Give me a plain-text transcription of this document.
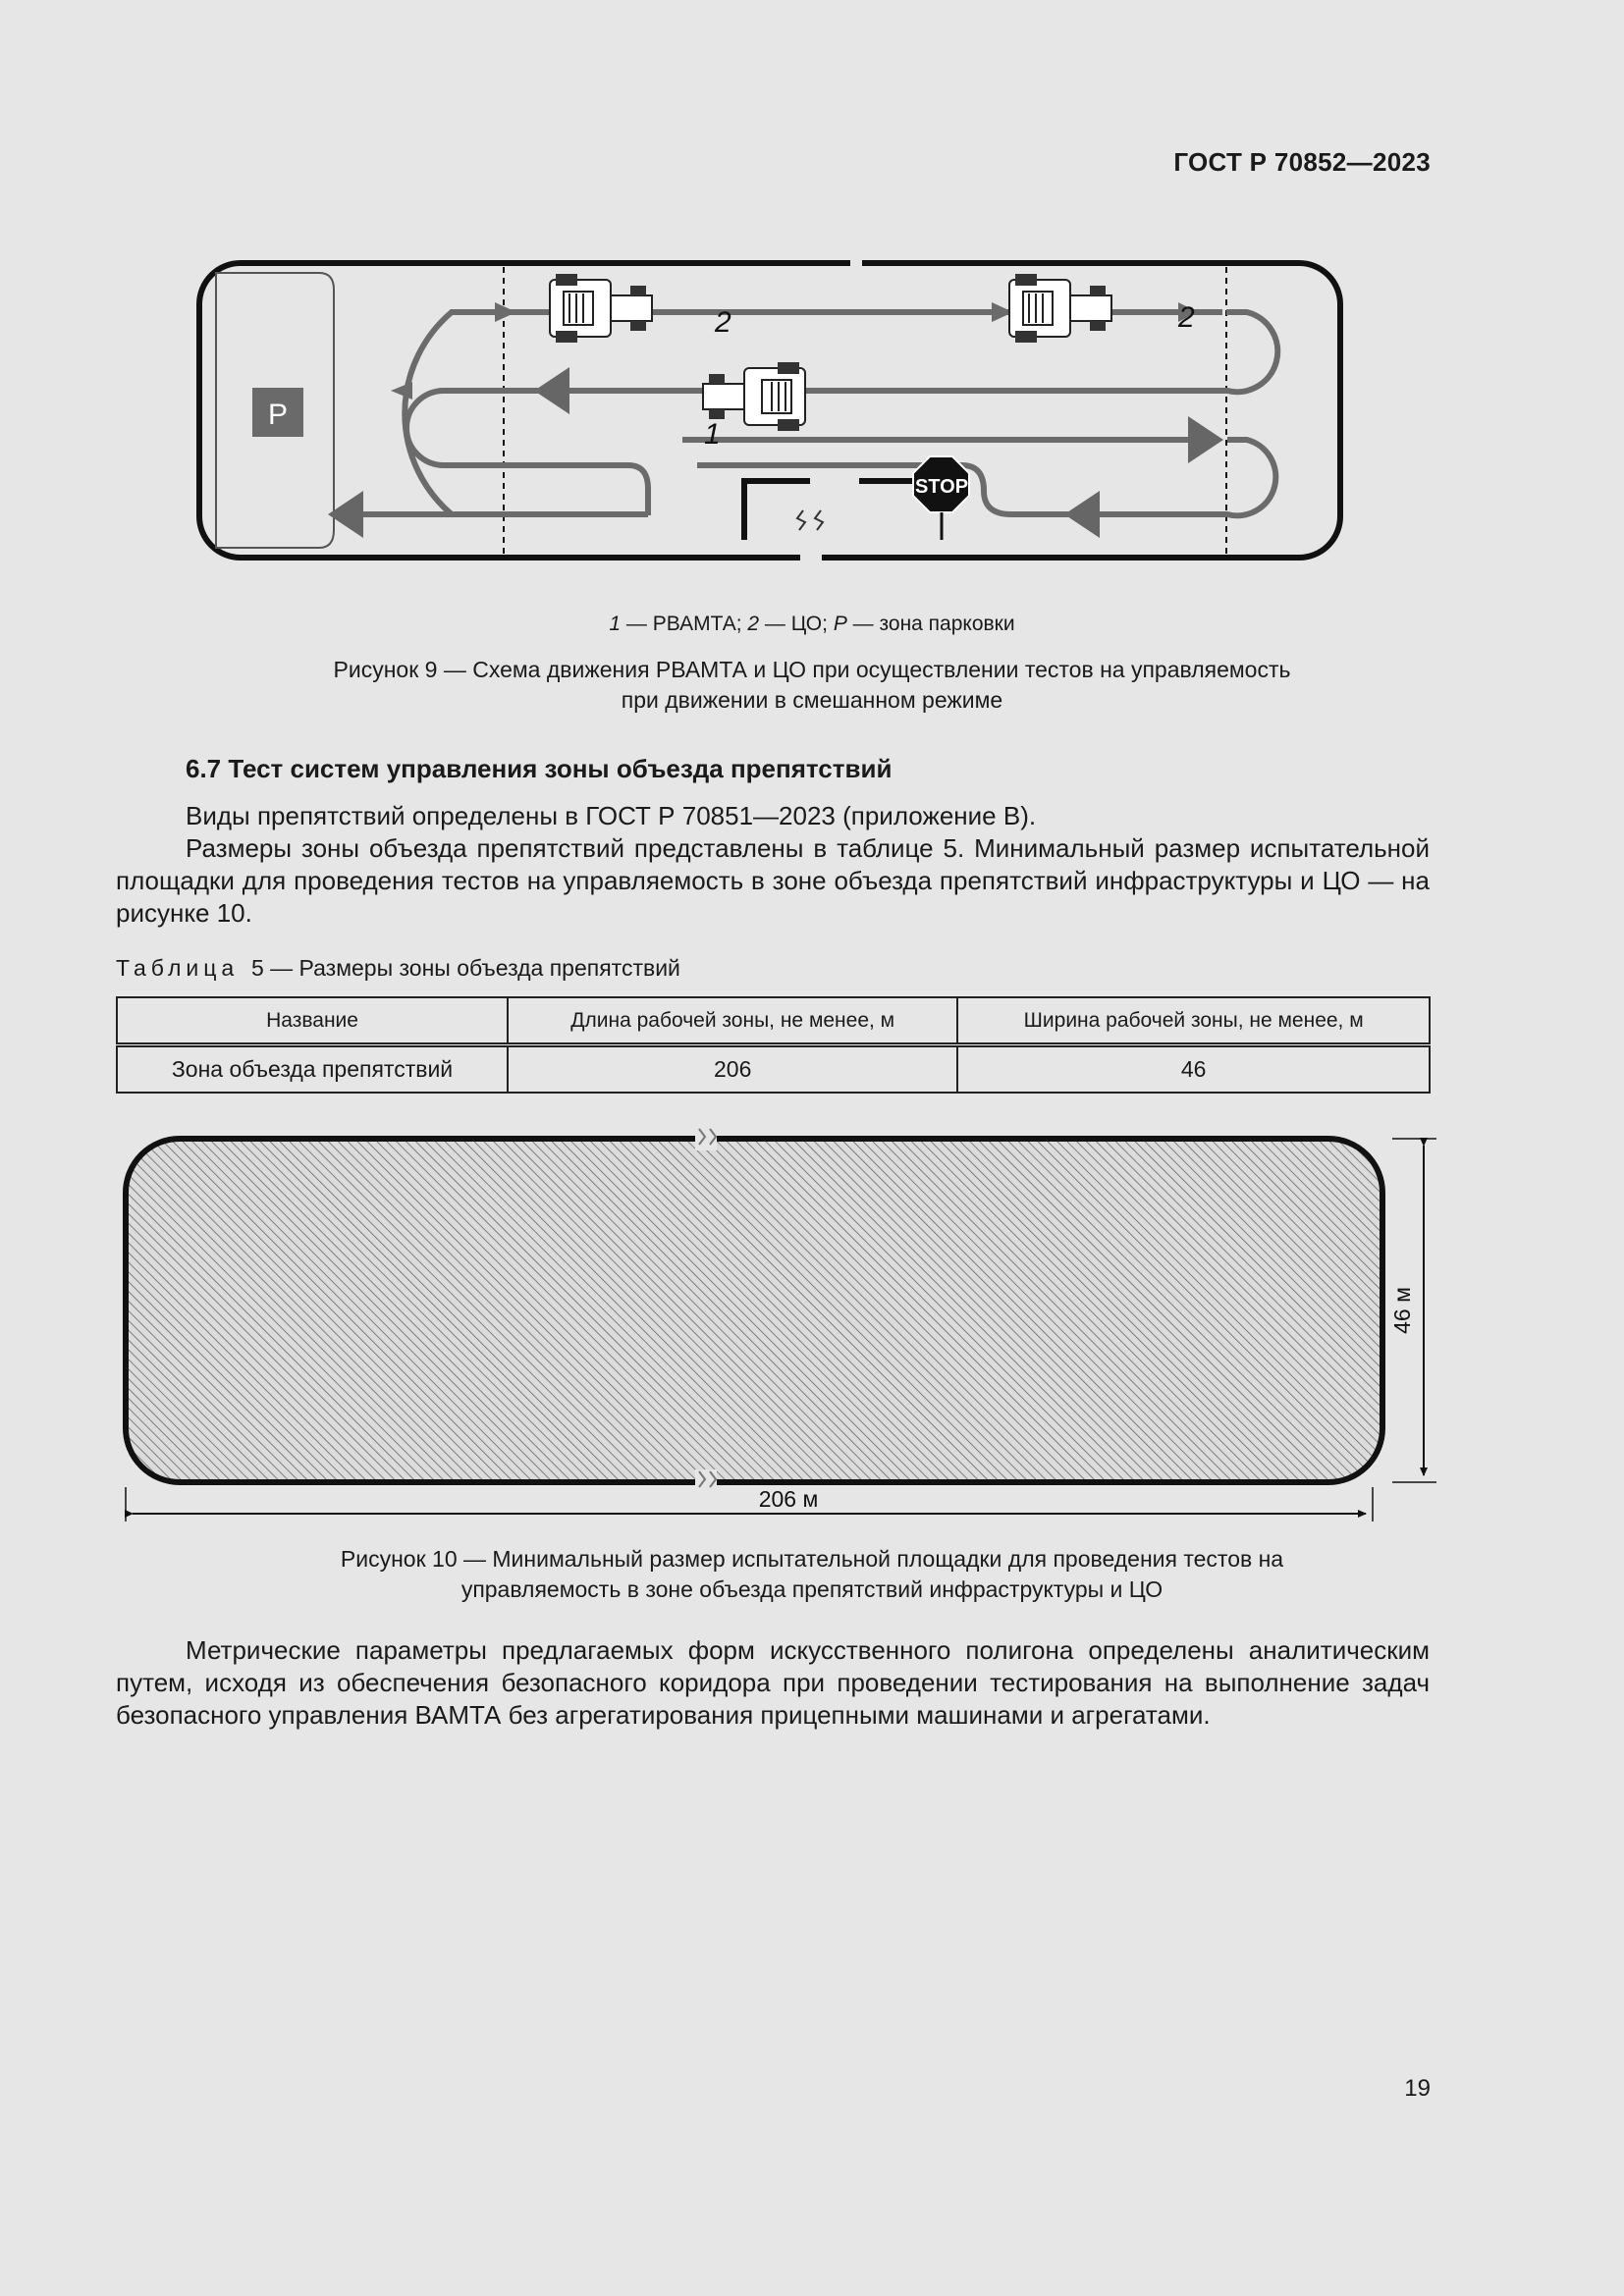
ГОСТ Р 70852—2023
P
2	2
1
STOP
1 — РВАМТА; 2 — ЦО; Р — зона парковки
Рисунок 9 — Схема движения РВАМТА и ЦО при осуществлении тестов на управляемость
при движении в смешанном режиме
6.7 Тест систем управления зоны объезда препятствий

Виды препятствий определены в ГОСТ Р 70851—2023 (приложение В).

Размеры зоны объезда препятствий представлены в таблице 5. Минимальный размер испытательной площадки для проведения тестов на управляемость в зоне объезда препятствий инфраструктуры и ЦО — на рисунке 10.

Таблица 5 — Размеры зоны объезда препятствий
Название	Длина рабочей зоны, не менее, м	Ширина рабочей зоны, не менее, м
Зона объезда препятствий	206	46
46 м
206 м
Рисунок 10 — Минимальный размер испытательной площадки для проведения тестов на
управляемость в зоне объезда препятствий инфраструктуры и ЦО

Метрические параметры предлагаемых форм искусственного полигона определены аналитическим путем, исходя из обеспечения безопасного коридора при проведении тестирования на выполнение задач безопасного управления ВАМТА без агрегатирования прицепными машинами и агрегатами.

19
